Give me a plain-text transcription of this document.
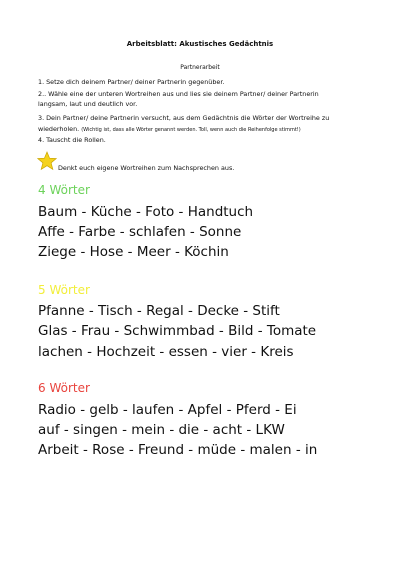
Arbeitsblatt: Akustisches Gedächtnis
Partnerarbeit
1. Setze dich deinem Partner/ deiner Partnerin gegenüber.
2.. Wähle eine der unteren Wortreihen aus und lies sie deinem Partner/ deiner Partnerin
langsam, laut und deutlich vor.
3. Dein Partner/ deine Partnerin versucht, aus dem Gedächtnis die Wörter der Wortreihe zu
wiederholen. (Wichtig ist, dass alle Wörter genannt werden. Toll, wenn auch die Reihenfolge stimmt!)
4. Tauscht die Rollen.
Denkt euch eigene Wortreihen zum Nachsprechen aus.
4 Wörter
Baum - Küche - Foto - Handtuch
Affe - Farbe - schlafen - Sonne
Ziege - Hose - Meer - Köchin
5 Wörter
Pfanne - Tisch - Regal - Decke - Stift
Glas - Frau - Schwimmbad - Bild - Tomate
lachen - Hochzeit - essen - vier - Kreis
6 Wörter
Radio - gelb - laufen - Apfel - Pferd - Ei
auf - singen - mein - die - acht - LKW
Arbeit - Rose - Freund - müde - malen - in
